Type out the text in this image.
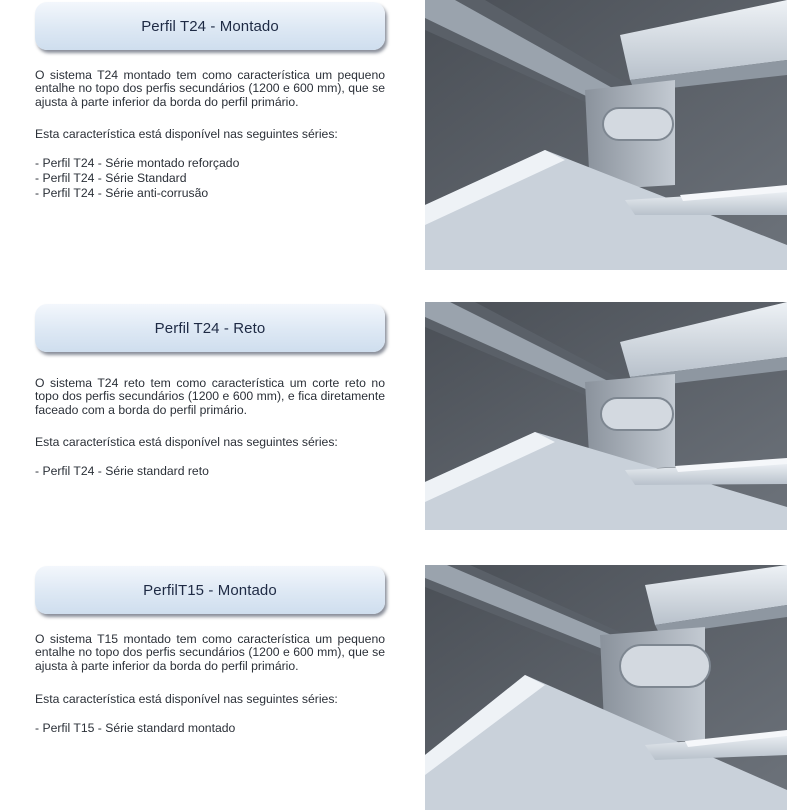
Perfil T24 - Montado

O sistema T24 montado tem como característica um pequeno entalhe no topo dos perfis secundários (1200 e 600 mm), que se ajusta à parte inferior da borda do perfil primário.

Esta característica está disponível nas seguintes séries:

- Perfil T24 - Série montado reforçado
- Perfil T24 - Série Standard
- Perfil T24 - Série anti-corrusão
Perfil T24 - Reto

O sistema T24 reto tem como característica um corte reto no topo dos perfis secundários (1200 e 600 mm), e fica diretamente faceado com a borda do perfil primário.

Esta característica está disponível nas seguintes séries:

- Perfil T24 - Série standard reto
PerfilT15 - Montado

O sistema T15 montado tem como característica um pequeno entalhe no topo dos perfis secundários (1200 e 600 mm), que se ajusta à parte inferior da borda do perfil primário.

Esta característica está disponível nas seguintes séries:

- Perfil T15 - Série standard montado
